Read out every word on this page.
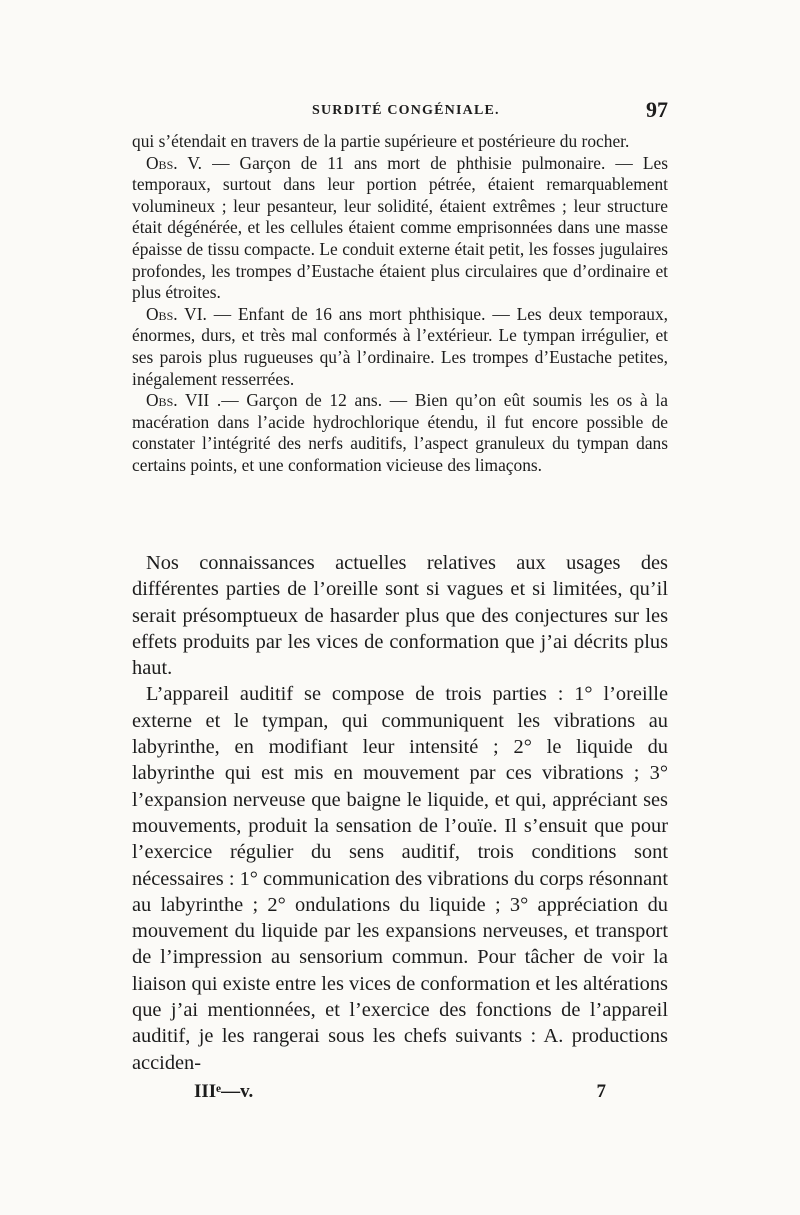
SURDITÉ CONGÉNIALE.	97

qui s’étendait en travers de la partie supérieure et postérieure du rocher.

Obs. V. — Garçon de 11 ans mort de phthisie pulmonaire. — Les temporaux, surtout dans leur portion pétrée, étaient remarquablement volumineux ; leur pesanteur, leur solidité, étaient extrêmes ; leur structure était dégénérée, et les cellules étaient comme emprisonnées dans une masse épaisse de tissu compacte. Le conduit externe était petit, les fosses jugulaires profondes, les trompes d’Eustache étaient plus circulaires que d’ordinaire et plus étroites.

Obs. VI. — Enfant de 16 ans mort phthisique. — Les deux temporaux, énormes, durs, et très mal conformés à l’extérieur. Le tympan irrégulier, et ses parois plus rugueuses qu’à l’ordinaire. Les trompes d’Eustache petites, inégalement resserrées.

Obs. VII .— Garçon de 12 ans. — Bien qu’on eût soumis les os à la macération dans l’acide hydrochlorique étendu, il fut encore possible de constater l’intégrité des nerfs auditifs, l’aspect granuleux du tympan dans certains points, et une conformation vicieuse des limaçons.

Nos connaissances actuelles relatives aux usages des différentes parties de l’oreille sont si vagues et si limitées, qu’il serait présomptueux de hasarder plus que des conjectures sur les effets produits par les vices de conformation que j’ai décrits plus haut.

L’appareil auditif se compose de trois parties : 1° l’oreille externe et le tympan, qui communiquent les vibrations au labyrinthe, en modifiant leur intensité ; 2° le liquide du labyrinthe qui est mis en mouvement par ces vibrations ; 3° l’expansion nerveuse que baigne le liquide, et qui, appréciant ses mouvements, produit la sensation de l’ouïe. Il s’ensuit que pour l’exercice régulier du sens auditif, trois conditions sont nécessaires : 1° communication des vibrations du corps résonnant au labyrinthe ; 2° ondulations du liquide ; 3° appréciation du mouvement du liquide par les expansions nerveuses, et transport de l’impression au sensorium commun. Pour tâcher de voir la liaison qui existe entre les vices de conformation et les altérations que j’ai mentionnées, et l’exercice des fonctions de l’appareil auditif, je les rangerai sous les chefs suivants : A. productions acciden-

IIIᵉ—v.	7
